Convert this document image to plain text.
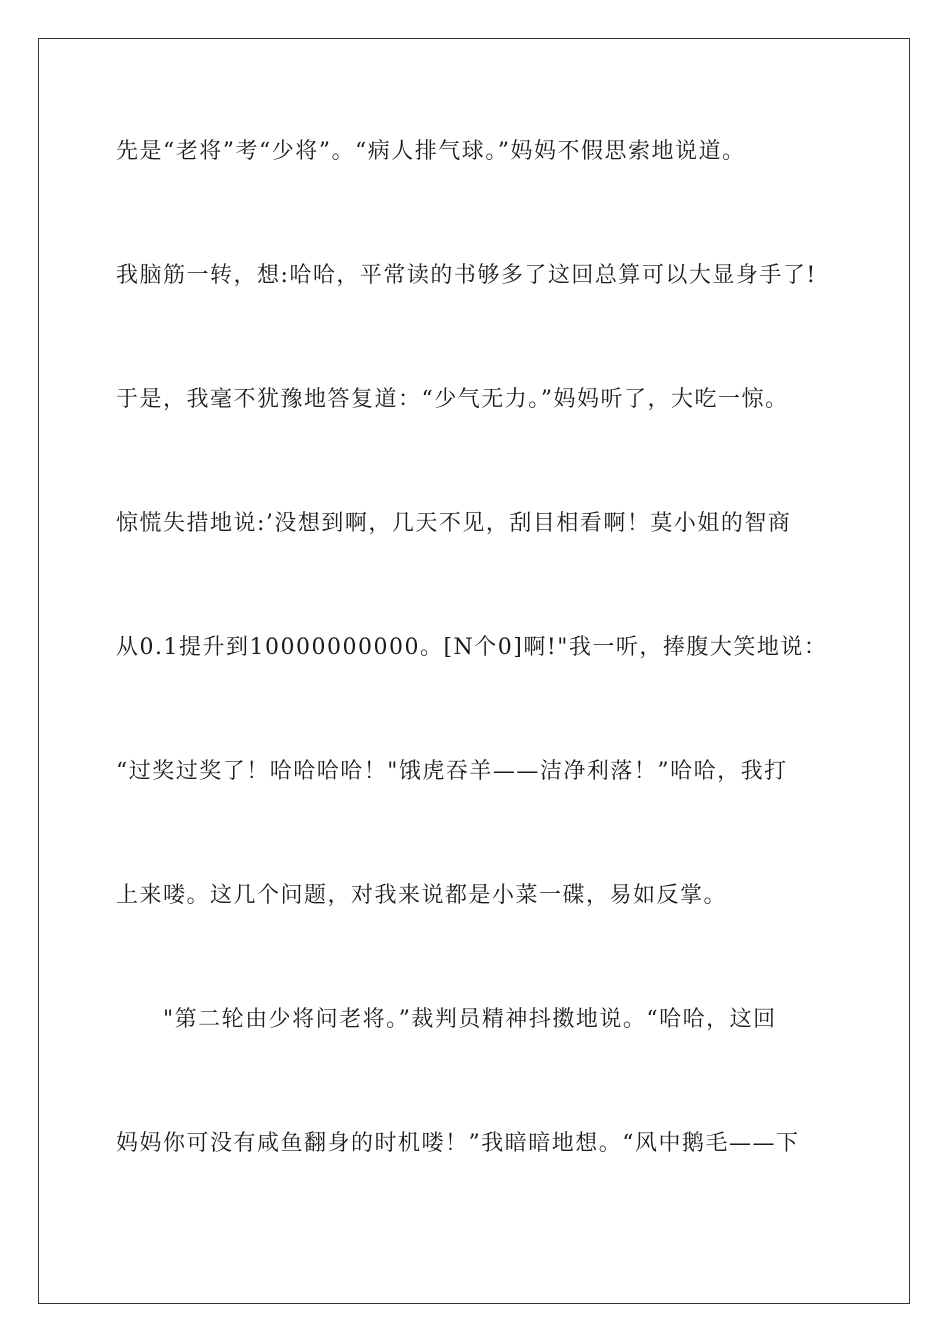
先是“老将”考“少将”。“病人排气球。”妈妈不假思索地说道。
我脑筋一转，想:哈哈，平常读的书够多了这回总算可以大显身手了!
于是，我毫不犹豫地答复道：“少气无力。”妈妈听了，大吃一惊。
惊慌失措地说:’没想到啊，几天不见，刮目相看啊！莫小姐的智商
从0.1提升到10000000000。[N个0]啊!"我一听，捧腹大笑地说：
“过奖过奖了！哈哈哈哈！"饿虎吞羊——洁净利落！”哈哈，我打
上来喽。这几个问题，对我来说都是小菜一碟，易如反掌。
　　"第二轮由少将问老将。”裁判员精神抖擞地说。“哈哈，这回
妈妈你可没有咸鱼翻身的时机喽！”我暗暗地想。“风中鹅毛——下
